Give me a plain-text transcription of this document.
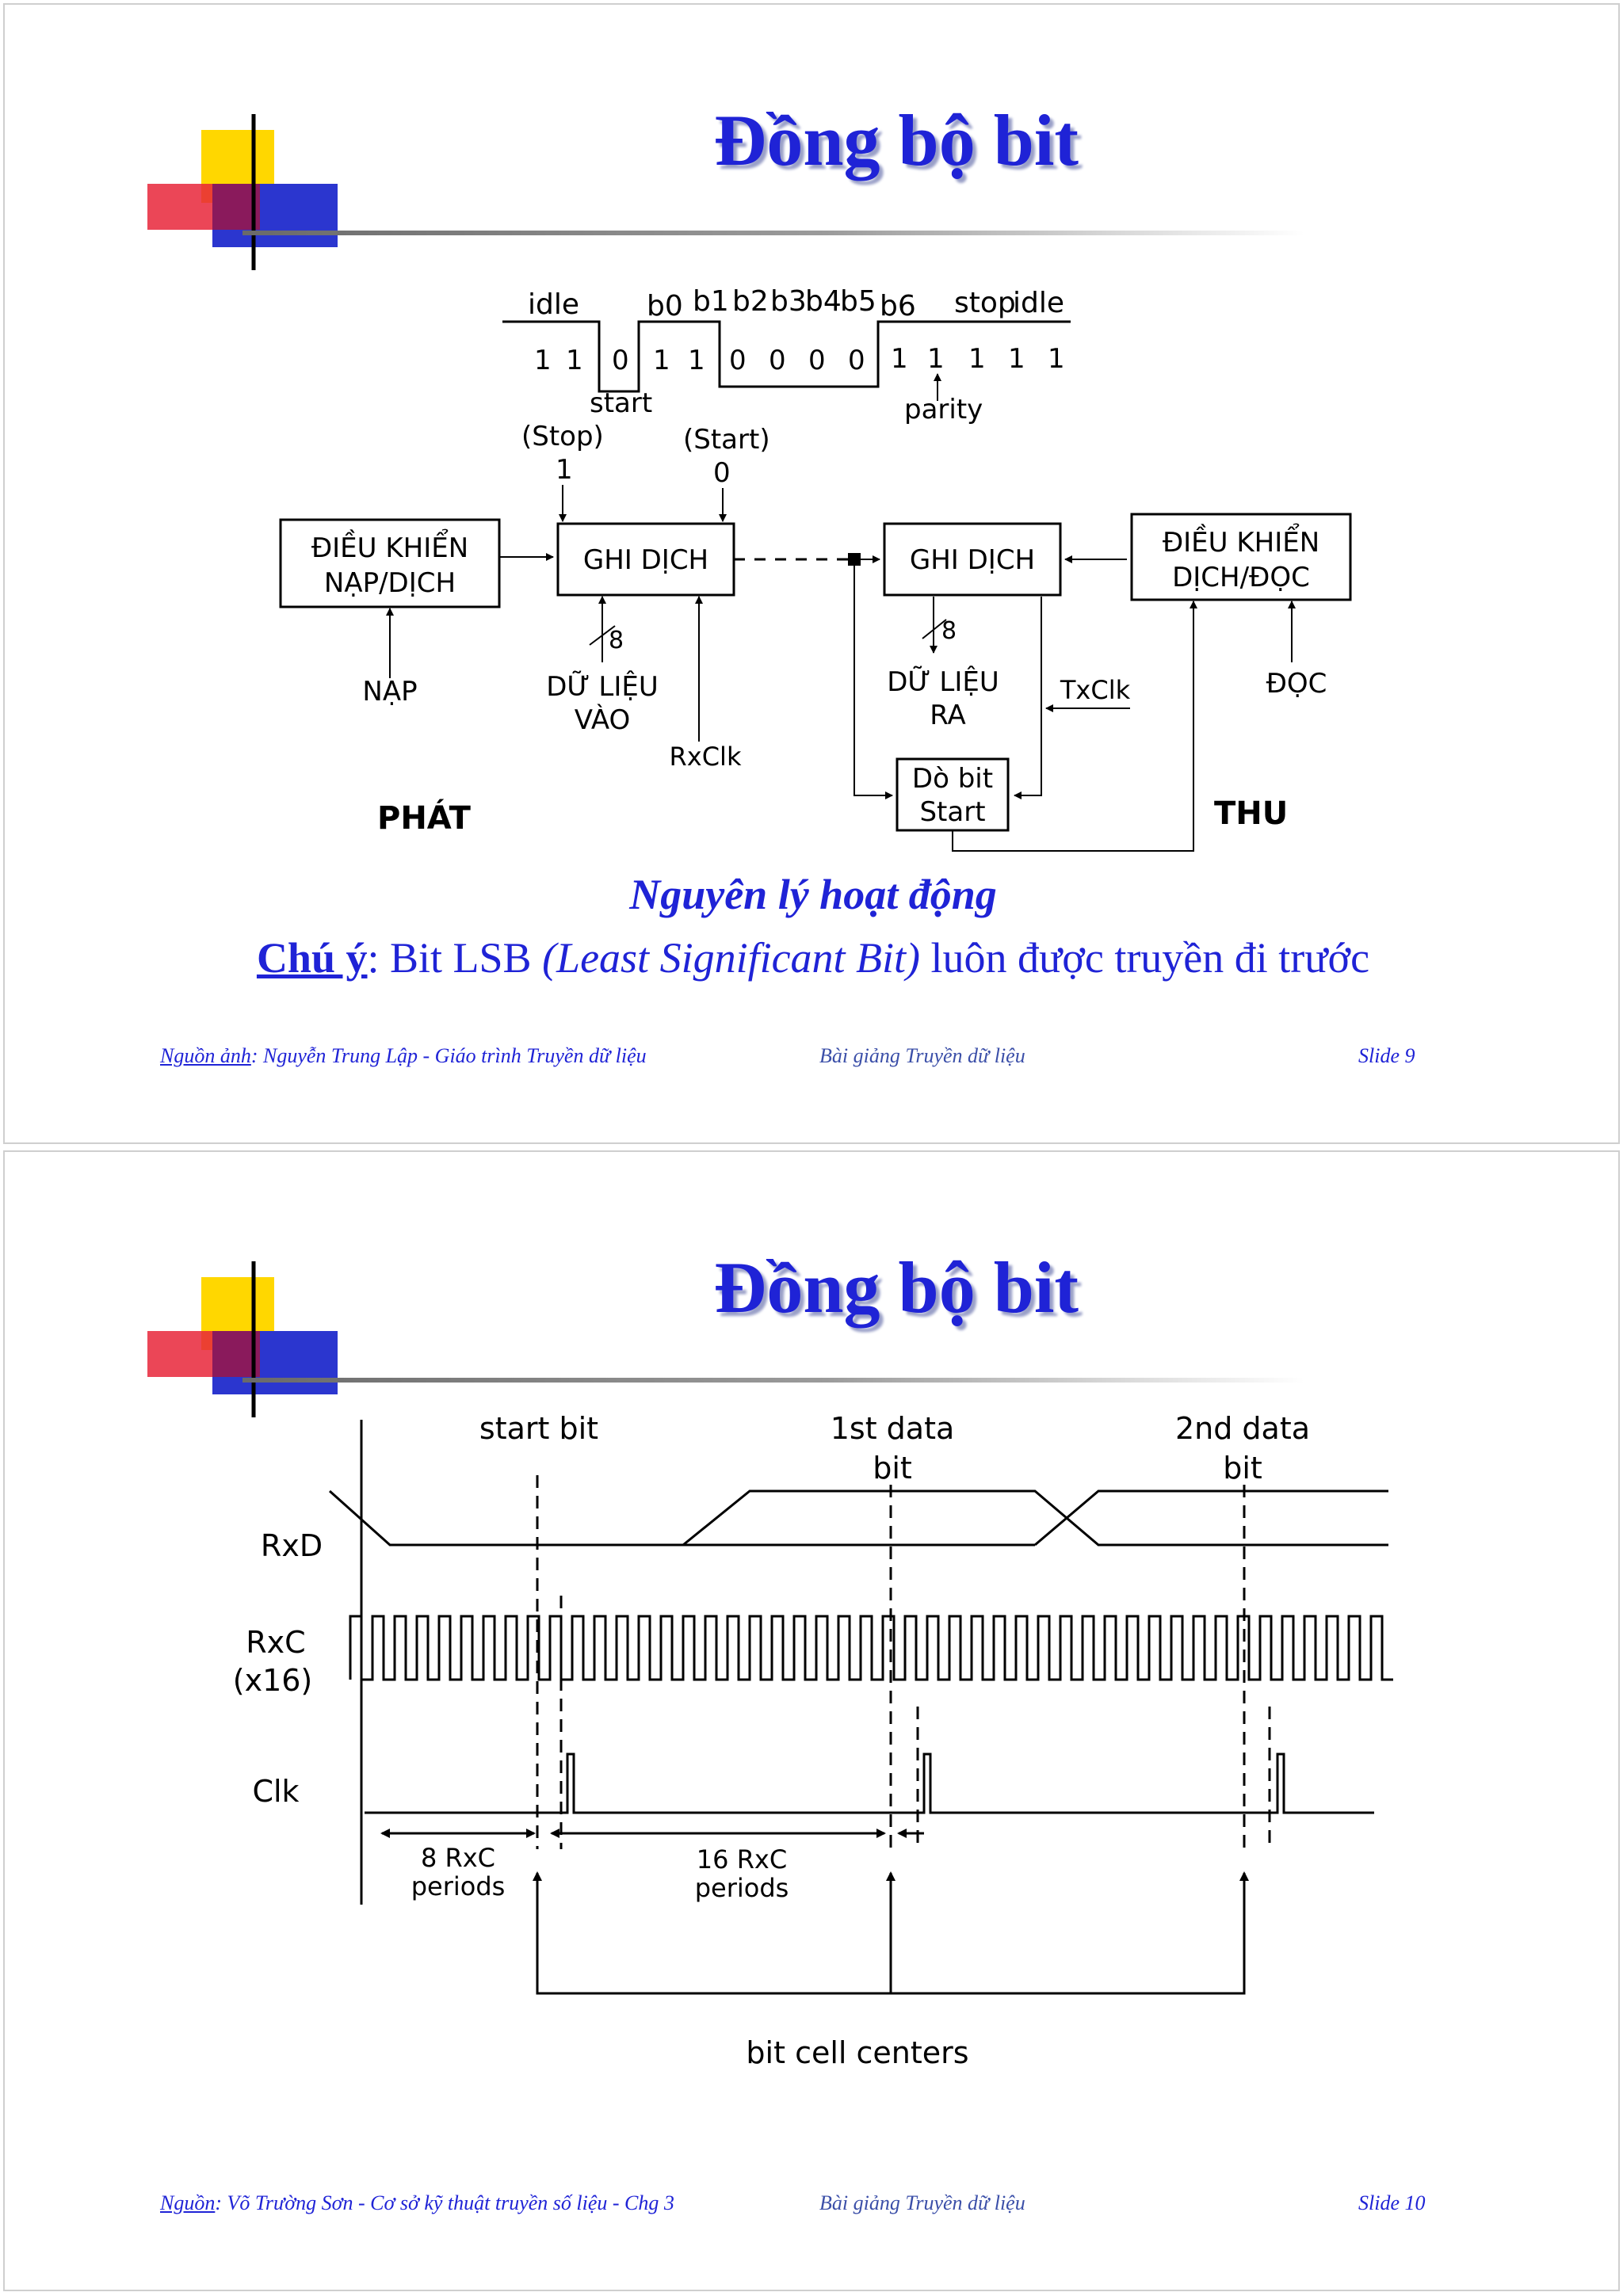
Đồng bộ bit
idle b0 b1 b2 b3
b4
b5 b6 stop
idle
1 1 0 1 1 0 0 0 0 1 1 1 1 1
start	parity
(Stop)
1
(Start)
0
ĐIỀU KHIỂN
NẠP/DỊCH
NẠP
GHI DỊCH
8
DỮ LIỆU
VÀO
RxClk
GHI DỊCH
8
DỮ LIỆU
RA
ĐIỀU KHIỂN
DỊCH/ĐỌC
ĐỌC
TxClk
Dò bit
Start
PHÁT	THU
Nguyên lý hoạt động
Chú ý: Bit LSB (Least Significant Bit) luôn được truyền đi trước
Nguồn ảnh: Nguyễn Trung Lập - Giáo trình Truyền dữ liệu	Bài giảng Truyền dữ liệu	Slide 9
Đồng bộ bit
start bit	1st data
bit
2nd data
bit
RxD
RxC
(x16)
Clk
8 RxC
periods
16 RxC
periods
bit cell centers
Nguồn: Võ Trường Sơn - Cơ sở kỹ thuật truyền số liệu - Chg 3	Bài giảng Truyền dữ liệu	Slide 10
